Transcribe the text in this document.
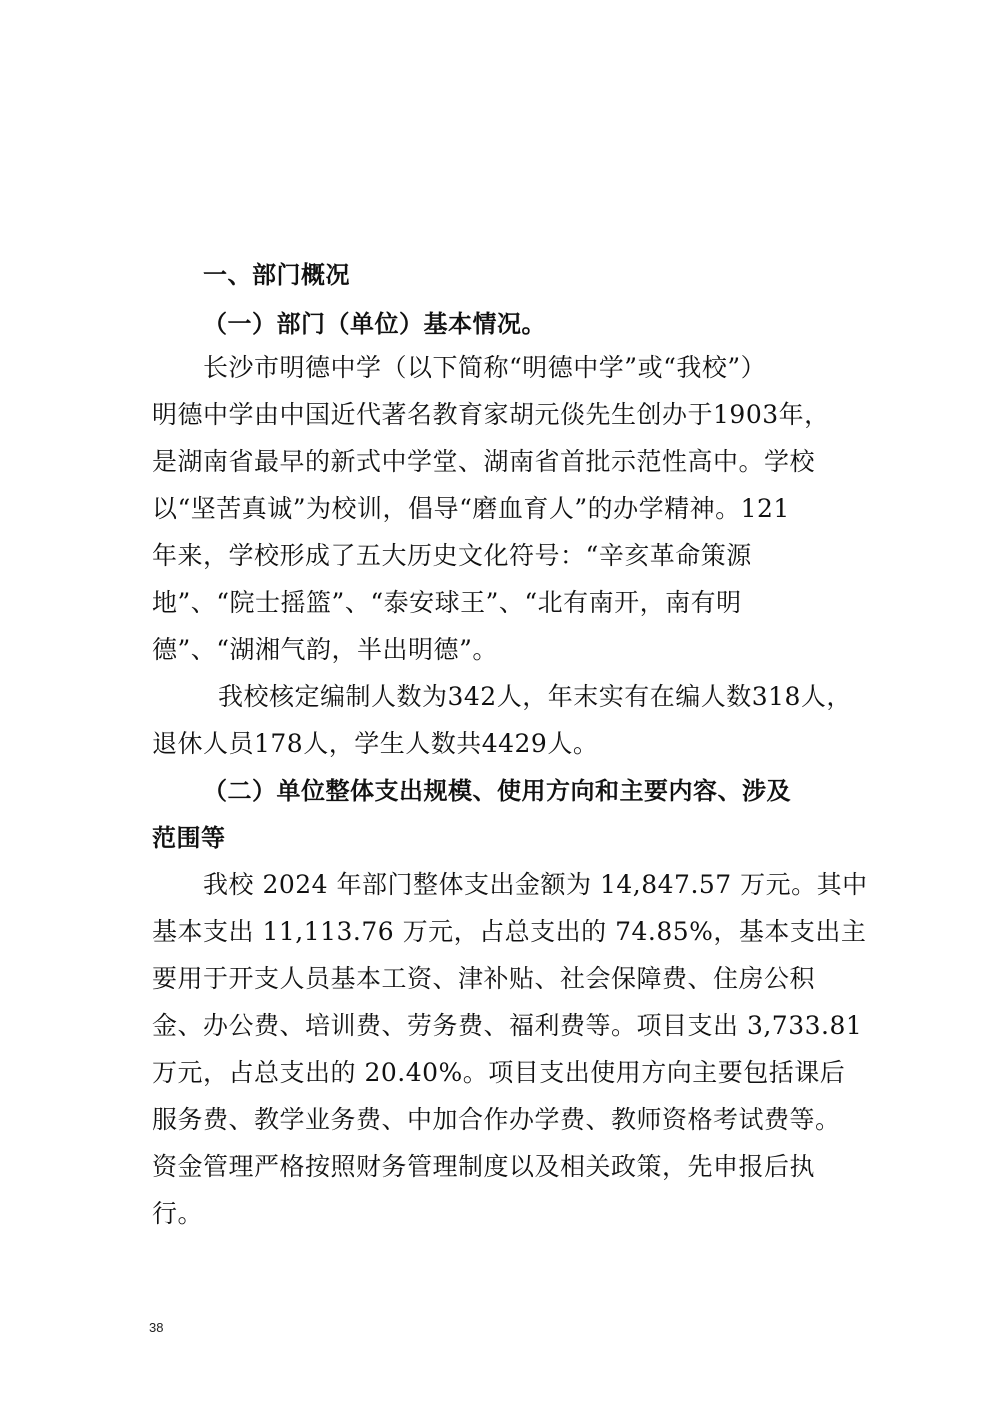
一、部门概况
（一）部门（单位）基本情况。
长沙市明德中学（以下简称“明德中学”或“我校”）
明德中学由中国近代著名教育家胡元倓先生创办于1903年，
是湖南省最早的新式中学堂、湖南省首批示范性高中。学校
以“坚苦真诚”为校训，倡导“磨血育人”的办学精神。121
年来，学校形成了五大历史文化符号：“辛亥革命策源
地”、“院士摇篮”、“泰安球王”、“北有南开，南有明
德”、“湖湘气韵，半出明德”。
我校核定编制人数为342人，年末实有在编人数318人，
退休人员178人，学生人数共4429人。
（二）单位整体支出规模、使用方向和主要内容、涉及
范围等
我校 2024 年部门整体支出金额为 14,847.57 万元。其中
基本支出 11,113.76 万元，占总支出的 74.85%，基本支出主
要用于开支人员基本工资、津补贴、社会保障费、住房公积
金、办公费、培训费、劳务费、福利费等。项目支出 3,733.81
万元，占总支出的 20.40%。项目支出使用方向主要包括课后
服务费、教学业务费、中加合作办学费、教师资格考试费等。
资金管理严格按照财务管理制度以及相关政策，先申报后执
行。
38
